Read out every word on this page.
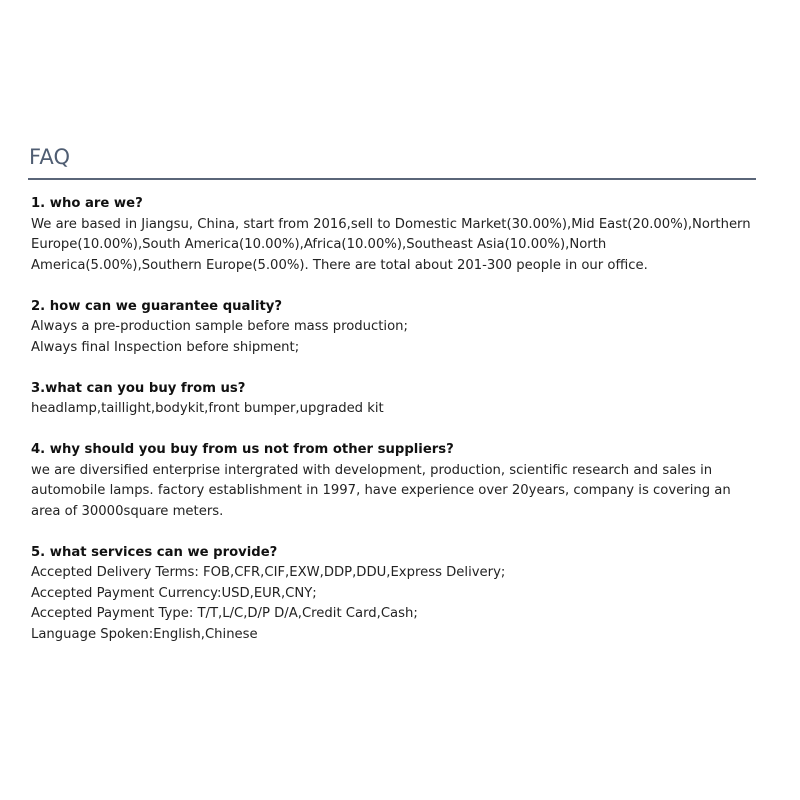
FAQ

1. who are we?

We are based in Jiangsu, China, start from 2016,sell to Domestic Market(30.00%),Mid East(20.00%),Northern Europe(10.00%),South America(10.00%),Africa(10.00%),Southeast Asia(10.00%),North America(5.00%),Southern Europe(5.00%). There are total about 201-300 people in our office.

2. how can we guarantee quality?

Always a pre-production sample before mass production;

Always final Inspection before shipment;

3.what can you buy from us?

headlamp,taillight,bodykit,front bumper,upgraded kit

4. why should you buy from us not from other suppliers?

we are diversified enterprise intergrated with development, production, scientific research and sales in automobile lamps. factory establishment in 1997, have experience over 20years, company is covering an area of 30000square meters.

5. what services can we provide?

Accepted Delivery Terms: FOB,CFR,CIF,EXW,DDP,DDU,Express Delivery;

Accepted Payment Currency:USD,EUR,CNY;

Accepted Payment Type: T/T,L/C,D/P D/A,Credit Card,Cash;

Language Spoken:English,Chinese
